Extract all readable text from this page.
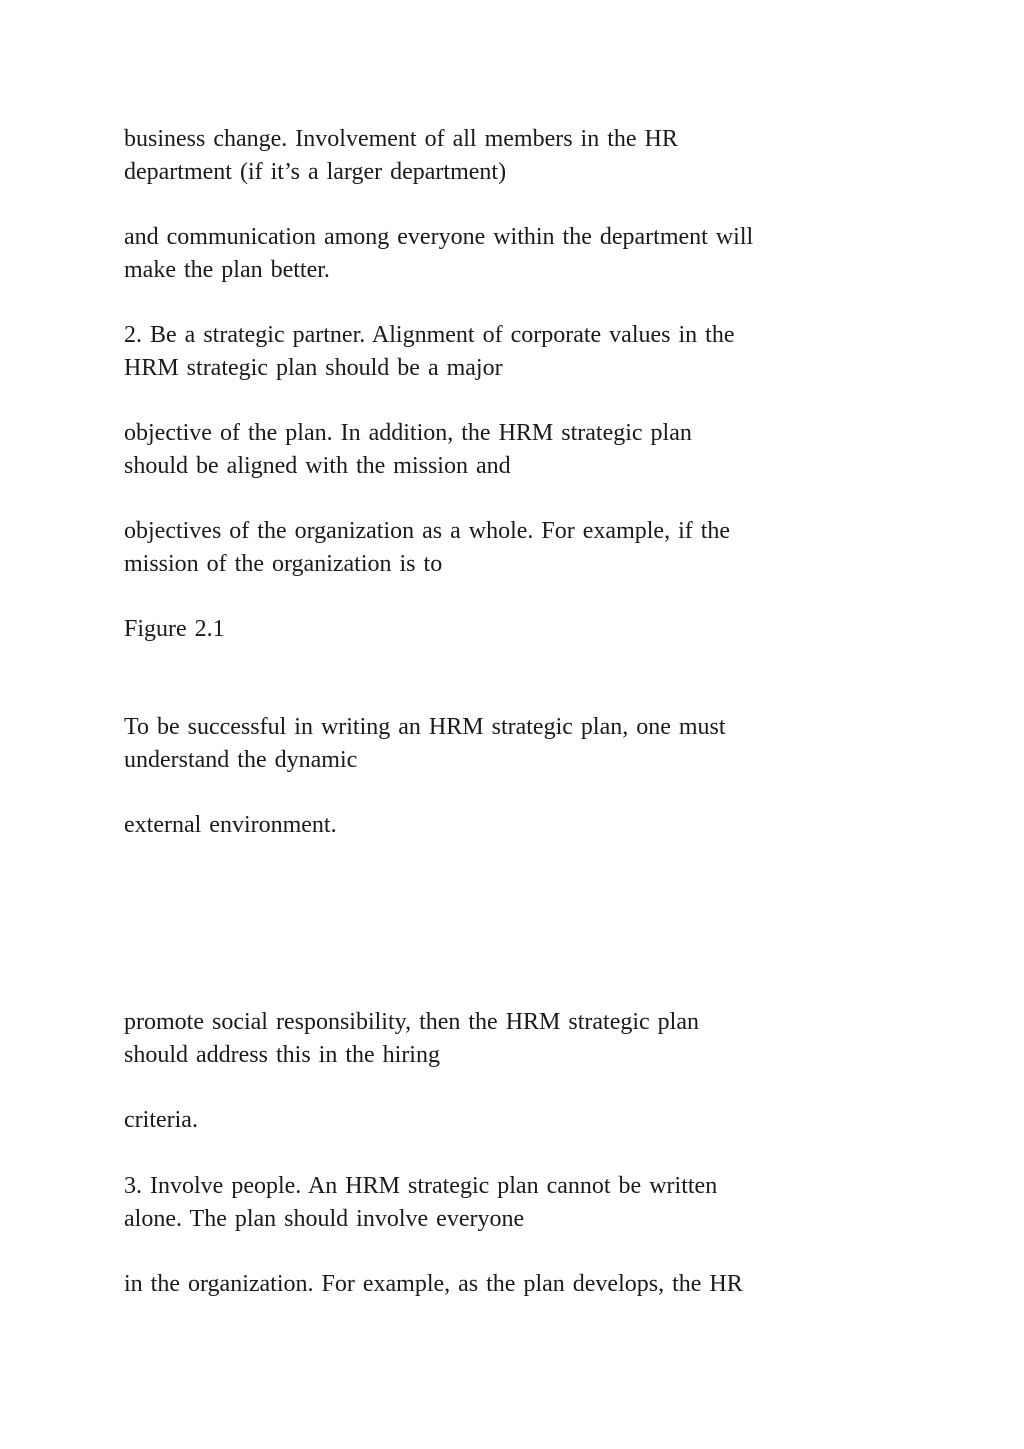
business change. Involvement of all members in the HR
department (if it’s a larger department)

and communication among everyone within the department will
make the plan better.

2. Be a strategic partner. Alignment of corporate values in the
HRM strategic plan should be a major

objective of the plan. In addition, the HRM strategic plan
should be aligned with the mission and

objectives of the organization as a whole. For example, if the
mission of the organization is to

Figure 2.1

To be successful in writing an HRM strategic plan, one must
understand the dynamic

external environment.

promote social responsibility, then the HRM strategic plan
should address this in the hiring

criteria.

3. Involve people. An HRM strategic plan cannot be written
alone. The plan should involve everyone

in the organization. For example, as the plan develops, the HR
